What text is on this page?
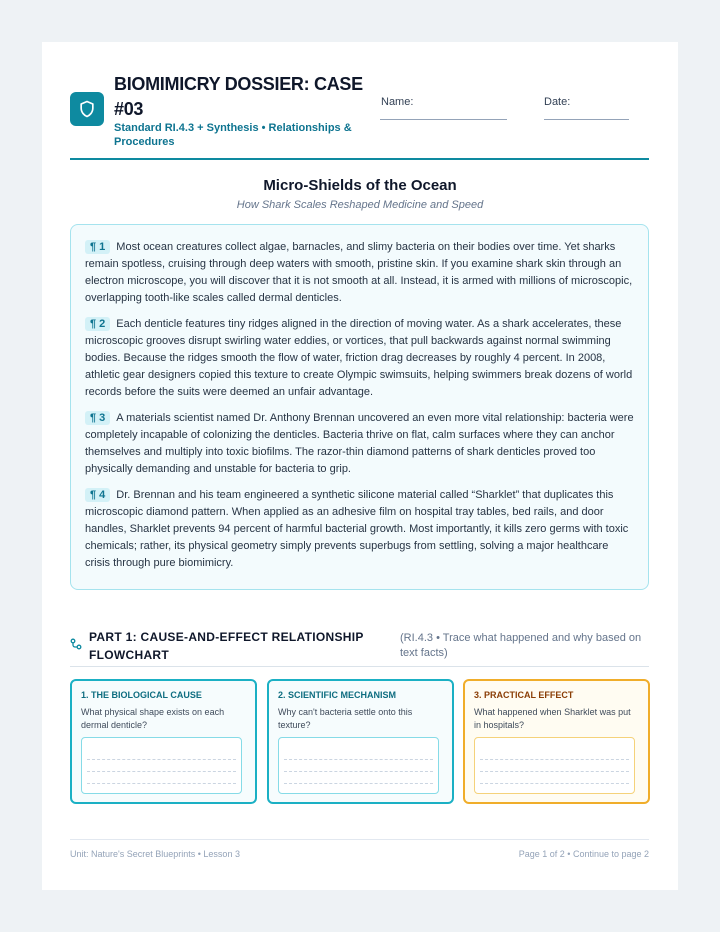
BIOMIMICRY DOSSIER: CASE #03
Standard RI.4.3 + Synthesis • Relationships & Procedures
Name:	Date:
Micro-Shields of the Ocean
How Shark Scales Reshaped Medicine and Speed

¶ 1 Most ocean creatures collect algae, barnacles, and slimy bacteria on their bodies over time. Yet sharks remain spotless, cruising through deep waters with smooth, pristine skin. If you examine shark skin through an electron microscope, you will discover that it is not smooth at all. Instead, it is armed with millions of microscopic, overlapping tooth-like scales called dermal denticles.

¶ 2 Each denticle features tiny ridges aligned in the direction of moving water. As a shark accelerates, these microscopic grooves disrupt swirling water eddies, or vortices, that pull backwards against normal swimming bodies. Because the ridges smooth the flow of water, friction drag decreases by roughly 4 percent. In 2008, athletic gear designers copied this texture to create Olympic swimsuits, helping swimmers break dozens of world records before the suits were deemed an unfair advantage.

¶ 3 A materials scientist named Dr. Anthony Brennan uncovered an even more vital relationship: bacteria were completely incapable of colonizing the denticles. Bacteria thrive on flat, calm surfaces where they can anchor themselves and multiply into toxic biofilms. The razor-thin diamond patterns of shark denticles proved too physically demanding and unstable for bacteria to grip.

¶ 4 Dr. Brennan and his team engineered a synthetic silicone material called “Sharklet” that duplicates this microscopic diamond pattern. When applied as an adhesive film on hospital tray tables, bed rails, and door handles, Sharklet prevents 94 percent of harmful bacterial growth. Most importantly, it kills zero germs with toxic chemicals; rather, its physical geometry simply prevents superbugs from settling, solving a major healthcare crisis through pure biomimicry.

PART 1: CAUSE-AND-EFFECT RELATIONSHIP FLOWCHART
(RI.4.3 • Trace what happened and why based on text facts)
1. THE BIOLOGICAL CAUSE
What physical shape exists on each dermal denticle?
2. SCIENTIFIC MECHANISM
Why can't bacteria settle onto this texture?
3. PRACTICAL EFFECT
What happened when Sharklet was put in hospitals?
Unit: Nature's Secret Blueprints • Lesson 3	Page 1 of 2 • Continue to page 2
